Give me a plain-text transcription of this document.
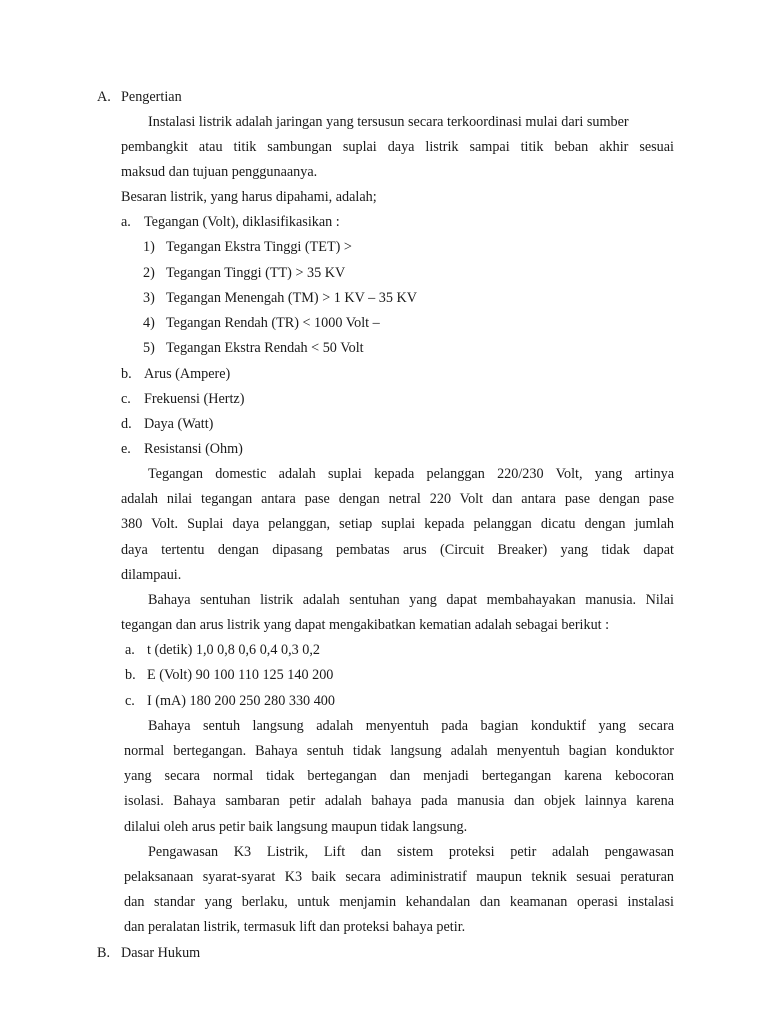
A. Pengertian
Instalasi listrik adalah jaringan yang tersusun secara terkoordinasi mulai dari sumber
pembangkit atau titik sambungan suplai daya listrik sampai titik beban akhir sesuai
maksud dan tujuan penggunaanya.
Besaran listrik, yang harus dipahami, adalah;
a. Tegangan (Volt), diklasifikasikan :
1) Tegangan Ekstra Tinggi (TET) >
2) Tegangan Tinggi (TT) > 35 KV
3) Tegangan Menengah (TM) > 1 KV – 35 KV
4) Tegangan Rendah (TR) < 1000 Volt –
5) Tegangan Ekstra Rendah < 50 Volt
b. Arus (Ampere)
c. Frekuensi (Hertz)
d. Daya (Watt)
e. Resistansi (Ohm)
Tegangan domestic adalah suplai kepada pelanggan 220/230 Volt, yang artinya
adalah nilai tegangan antara pase dengan netral 220 Volt dan antara pase dengan pase
380 Volt. Suplai daya pelanggan, setiap suplai kepada pelanggan dicatu dengan jumlah
daya tertentu dengan dipasang pembatas arus (Circuit Breaker) yang tidak dapat
dilampaui.
Bahaya sentuhan listrik adalah sentuhan yang dapat membahayakan manusia. Nilai
tegangan dan arus listrik yang dapat mengakibatkan kematian adalah sebagai berikut :
a. t (detik) 1,0 0,8 0,6 0,4 0,3 0,2
b. E (Volt) 90 100 110 125 140 200
c. I (mA) 180 200 250 280 330 400
Bahaya sentuh langsung adalah menyentuh pada bagian konduktif yang secara
normal bertegangan. Bahaya sentuh tidak langsung adalah menyentuh bagian konduktor
yang secara normal tidak bertegangan dan menjadi bertegangan karena kebocoran
isolasi. Bahaya sambaran petir adalah bahaya pada manusia dan objek lainnya karena
dilalui oleh arus petir baik langsung maupun tidak langsung.
Pengawasan K3 Listrik, Lift dan sistem proteksi petir adalah pengawasan
pelaksanaan syarat-syarat K3 baik secara adiministratif maupun teknik sesuai peraturan
dan standar yang berlaku, untuk menjamin kehandalan dan keamanan operasi instalasi
dan peralatan listrik, termasuk lift dan proteksi bahaya petir.
B. Dasar Hukum
